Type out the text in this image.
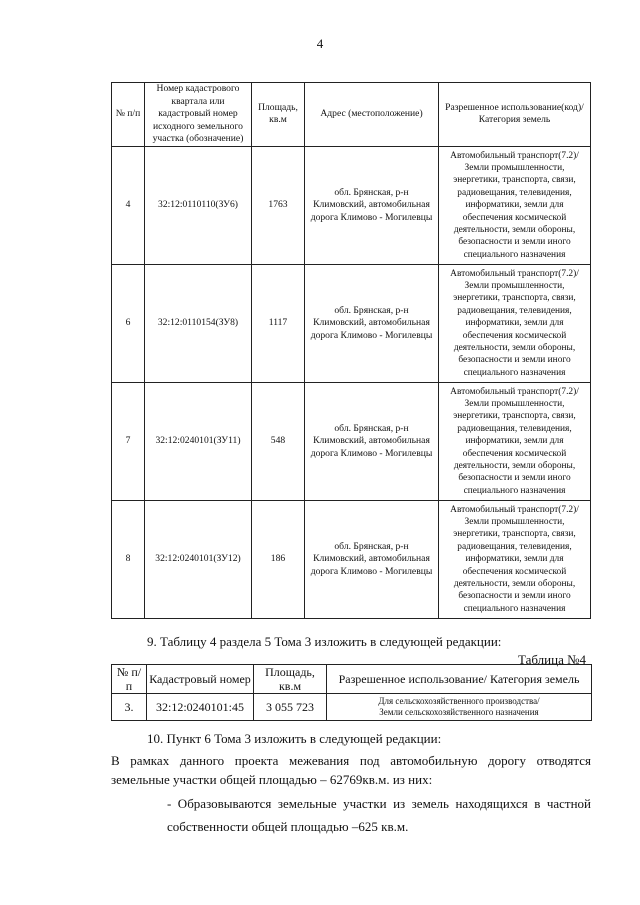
4
№ п/п	Номер кадастрового квартала или кадастровый номер исходного земельного участка (обозначение)	Площадь, кв.м	Адрес (местоположение)	Разрешенное использование(код)/ Категория земель
4	32:12:0110110(ЗУ6)	1763	обл. Брянская, р-н Климовский, автомобильная дорога Климово - Могилевцы	Автомобильный транспорт(7.2)/ Земли промышленности, энергетики, транспорта, связи, радиовещания, телевидения, информатики, земли для обеспечения космической деятельности, земли обороны, безопасности и земли иного специального назначения
6	32:12:0110154(ЗУ8)	1117	обл. Брянская, р-н Климовский, автомобильная дорога Климово - Могилевцы	Автомобильный транспорт(7.2)/ Земли промышленности, энергетики, транспорта, связи, радиовещания, телевидения, информатики, земли для обеспечения космической деятельности, земли обороны, безопасности и земли иного специального назначения
7	32:12:0240101(ЗУ11)	548	обл. Брянская, р-н Климовский, автомобильная дорога Климово - Могилевцы	Автомобильный транспорт(7.2)/ Земли промышленности, энергетики, транспорта, связи, радиовещания, телевидения, информатики, земли для обеспечения космической деятельности, земли обороны, безопасности и земли иного специального назначения
8	32:12:0240101(ЗУ12)	186	обл. Брянская, р-н Климовский, автомобильная дорога Климово - Могилевцы	Автомобильный транспорт(7.2)/ Земли промышленности, энергетики, транспорта, связи, радиовещания, телевидения, информатики, земли для обеспечения космической деятельности, земли обороны, безопасности и земли иного специального назначения
9. Таблицу 4 раздела 5 Тома 3 изложить в следующей редакции:
Таблица №4
№ п/п	Кадастровый номер	Площадь, кв.м	Разрешенное использование/ Категория земель
3.	32:12:0240101:45	3 055 723	Для сельскохозяйственного производства/
Земли сельскохозяйственного назначения
10. Пункт 6 Тома 3 изложить в следующей редакции:
В рамках данного проекта межевания под автомобильную дорогу отводятся
земельные участки общей площадью – 62769кв.м. из них:
- Образовываются земельные участки из земель находящихся в частной
собственности общей площадью –625 кв.м.
